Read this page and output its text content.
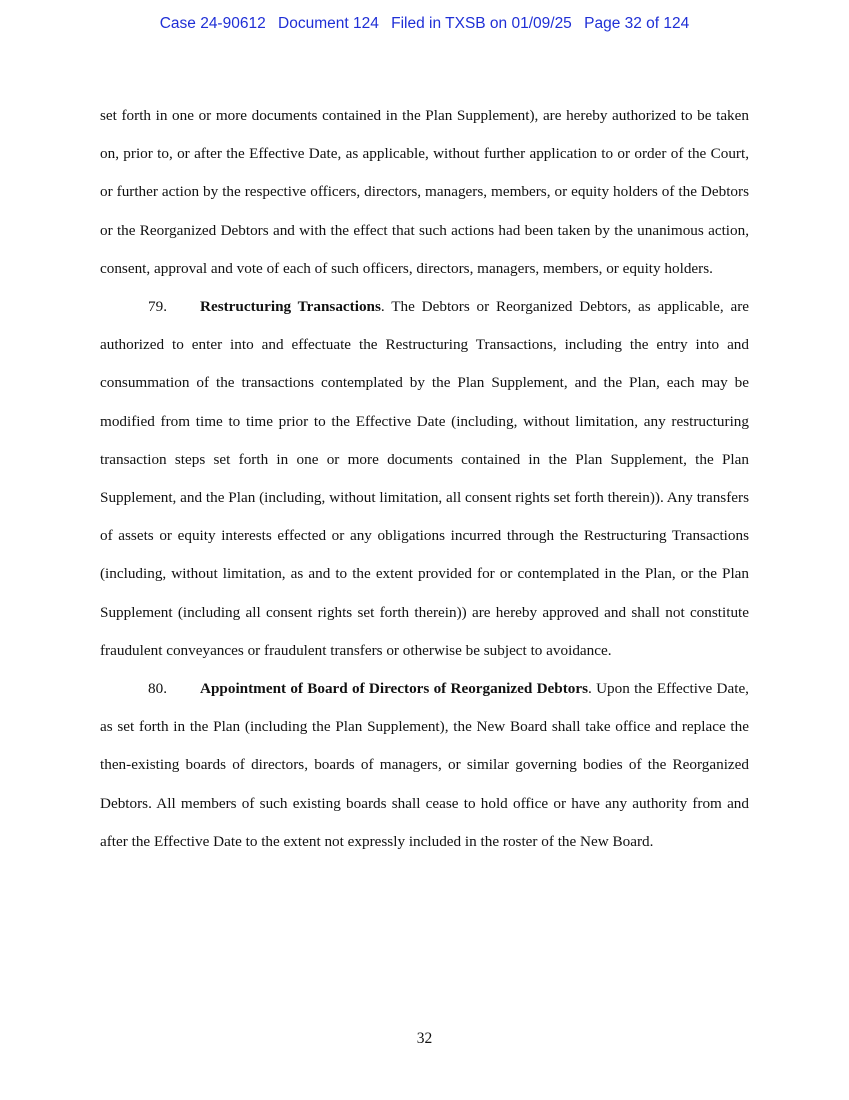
Case 24-90612 Document 124 Filed in TXSB on 01/09/25 Page 32 of 124

set forth in one or more documents contained in the Plan Supplement), are hereby authorized to be taken on, prior to, or after the Effective Date, as applicable, without further application to or order of the Court, or further action by the respective officers, directors, managers, members, or equity holders of the Debtors or the Reorganized Debtors and with the effect that such actions had been taken by the unanimous action, consent, approval and vote of each of such officers, directors, managers, members, or equity holders.

79. Restructuring Transactions. The Debtors or Reorganized Debtors, as applicable, are authorized to enter into and effectuate the Restructuring Transactions, including the entry into and consummation of the transactions contemplated by the Plan Supplement, and the Plan, each may be modified from time to time prior to the Effective Date (including, without limitation, any restructuring transaction steps set forth in one or more documents contained in the Plan Supplement, the Plan Supplement, and the Plan (including, without limitation, all consent rights set forth therein)). Any transfers of assets or equity interests effected or any obligations incurred through the Restructuring Transactions (including, without limitation, as and to the extent provided for or contemplated in the Plan, or the Plan Supplement (including all consent rights set forth therein)) are hereby approved and shall not constitute fraudulent conveyances or fraudulent transfers or otherwise be subject to avoidance.

80. Appointment of Board of Directors of Reorganized Debtors. Upon the Effective Date, as set forth in the Plan (including the Plan Supplement), the New Board shall take office and replace the then-existing boards of directors, boards of managers, or similar governing bodies of the Reorganized Debtors. All members of such existing boards shall cease to hold office or have any authority from and after the Effective Date to the extent not expressly included in the roster of the New Board.

32
